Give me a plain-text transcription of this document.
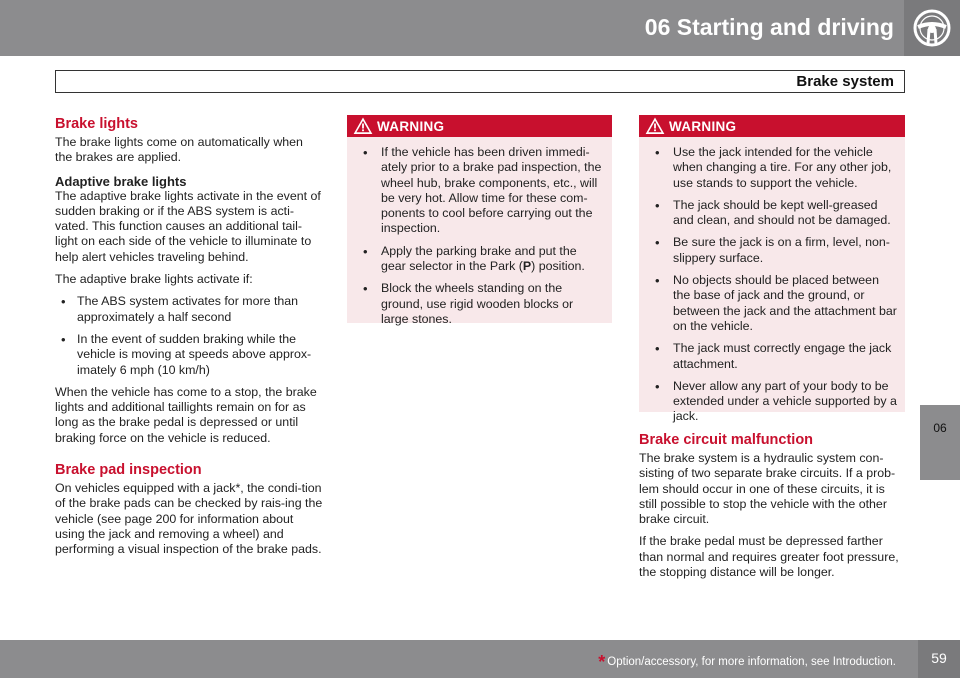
06 Starting and driving
Brake system
06
Brake lights

The brake lights come on automatically when the brakes are applied.

Adaptive brake lights

The adaptive brake lights activate in the event of sudden braking or if the ABS system is acti-vated. This function causes an additional tail-light on each side of the vehicle to illuminate to help alert vehicles traveling behind.

The adaptive brake lights activate if:

• The ABS system activates for more than approximately a half second
• In the event of sudden braking while the vehicle is moving at speeds above approx-imately 6 mph (10 km/h)

When the vehicle has come to a stop, the brake lights and additional taillights remain on for as long as the brake pedal is depressed or until braking force on the vehicle is reduced.

Brake pad inspection

On vehicles equipped with a jack*, the condi-tion of the brake pads can be checked by rais-ing the vehicle (see page 200 for information about using the jack and removing a wheel) and performing a visual inspection of the brake pads.

WARNING
• If the vehicle has been driven immedi-ately prior to a brake pad inspection, the wheel hub, brake components, etc., will be very hot. Allow time for these com-ponents to cool before carrying out the inspection.
• Apply the parking brake and put the gear selector in the Park (P) position.
• Block the wheels standing on the ground, use rigid wooden blocks or large stones.
WARNING
• Use the jack intended for the vehicle when changing a tire. For any other job, use stands to support the vehicle.
• The jack should be kept well-greased and clean, and should not be damaged.
• Be sure the jack is on a firm, level, non-slippery surface.
• No objects should be placed between the base of jack and the ground, or between the jack and the attachment bar on the vehicle.
• The jack must correctly engage the jack attachment.
• Never allow any part of your body to be extended under a vehicle supported by a jack.
Brake circuit malfunction

The brake system is a hydraulic system con-sisting of two separate brake circuits. If a prob-lem should occur in one of these circuits, it is still possible to stop the vehicle with the other brake circuit.

If the brake pedal must be depressed farther than normal and requires greater foot pressure, the stopping distance will be longer.

* Option/accessory, for more information, see Introduction.	59
